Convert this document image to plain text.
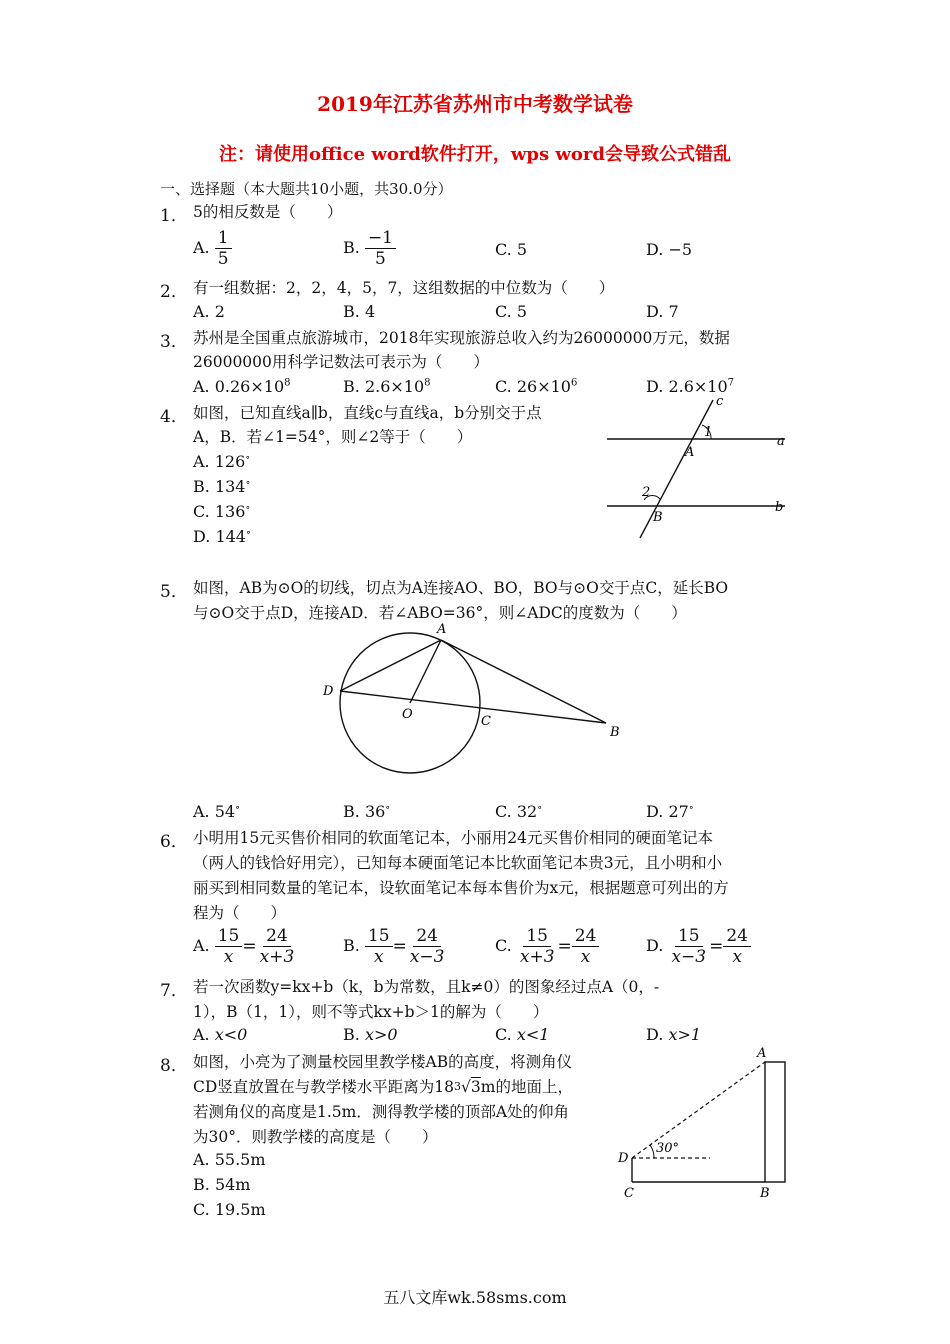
2019年江苏省苏州市中考数学试卷
注：请使用office word软件打开，wps word会导致公式错乱
一、选择题（本大题共10小题，共30.0分）
1． 5的相反数是（　　）
A. $\frac{1}{5}$	B. $\frac{-1}{5}$	C. 5	D. −5
2． 有一组数据：2，2，4，5，7，这组数据的中位数为（　　）
A. 2	B. 4	C. 5	D. 7
3． 苏州是全国重点旅游城市，2018年实现旅游总收入约为26000000万元，数据
26000000用科学记数法可表示为（　　）
A. $0.26\times 10^8$	B. $2.6\times 10^8$	C. $26\times 10^6$	D. $2.6\times 10^7$
4． 如图，已知直线a∥b，直线c与直线a，b分别交于点
A，B．若∠1=54°，则∠2等于（　　）
A. 126∘
B. 134∘
C. 136∘
D. 144∘
c
a
b
A
B
1
2
5． 如图，AB为⊙O的切线，切点为A连接AO、BO，BO与⊙O交于点C，延长BO
与⊙O交于点D，连接AD．若∠ABO=36°，则∠ADC的度数为（　　）
A
D
O	C
B
A. 54∘	B. 36∘	C. 32∘	D. 27∘
6． 小明用15元买售价相同的软面笔记本，小丽用24元买售价相同的硬面笔记本
（两人的钱恰好用完），已知每本硬面笔记本比软面笔记本贵3元，且小明和小
丽买到相同数量的笔记本，设软面笔记本每本售价为x元，根据题意可列出的方
程为（　　）
A. $\frac{15}{x} = \frac{24}{x+3}$	B. $\frac{15}{x} = \frac{24}{x-3}$	C. $\frac{15}{x+3} = \frac{24}{x}$	D. $\frac{15}{x-3} = \frac{24}{x}$
7． 若一次函数y=kx+b（k，b为常数，且k≠0）的图象经过点A（0，-
1），B（1，1），则不等式kx+b＞1的解为（　　）
A. x<0	B. x>0	C. x<1	D. x>1
8． 如图，小亮为了测量校园里教学楼AB的高度，将测角仪
CD竖直放置在与教学楼水平距离为$18^3√3m$的地面上，
若测角仪的高度是1.5m．测得教学楼的顶部A处的仰角
为30°．则教学楼的高度是（　　）
A. 55.5m
B. 54m
C. 19.5m
A
D
C	B
30°
五八文库wk.58sms.com
